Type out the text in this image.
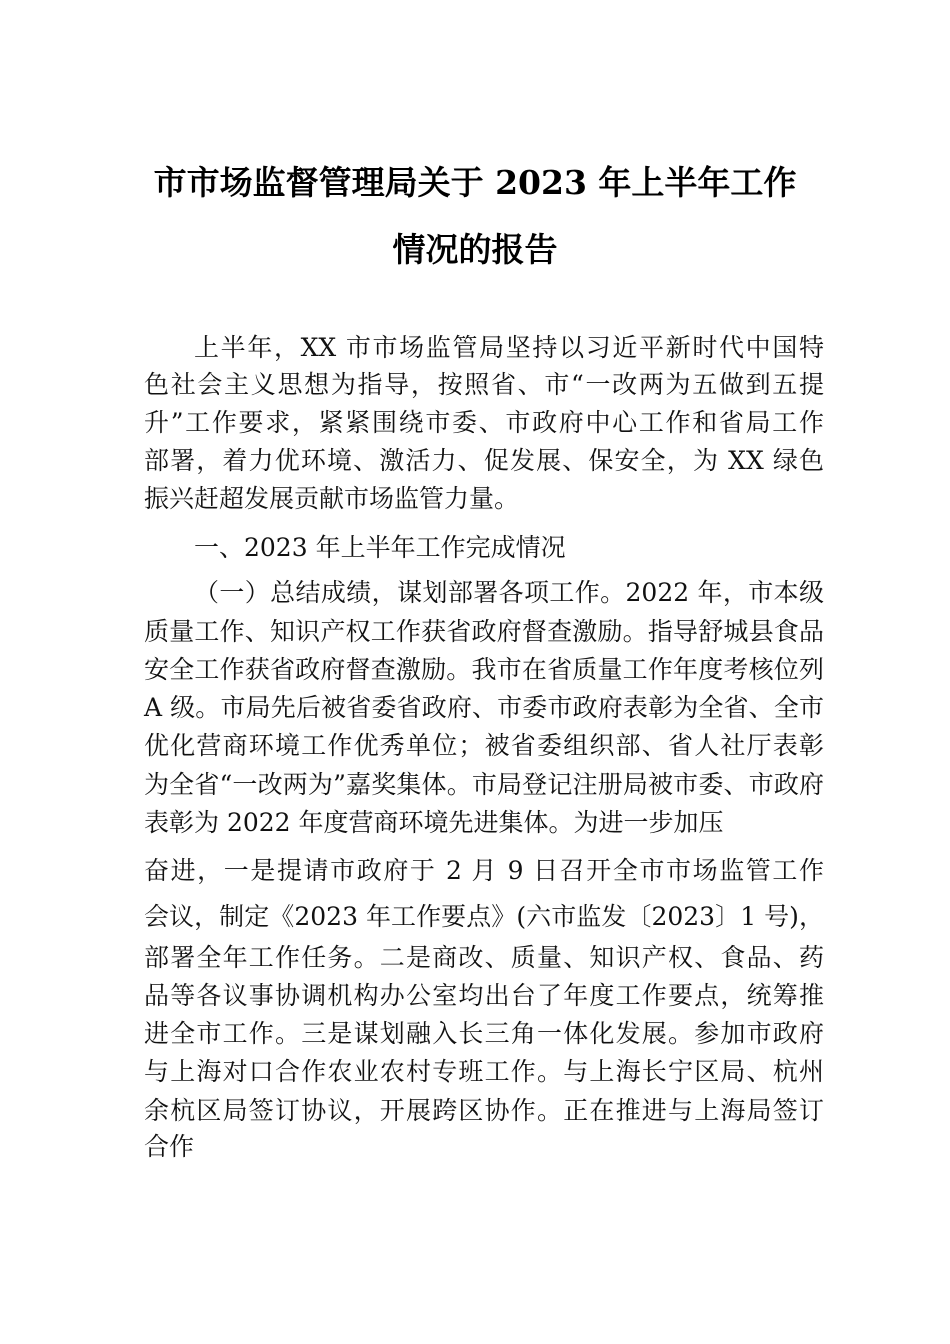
市市场监督管理局关于 2023 年上半年工作
情况的报告
上半年，XX 市市场监管局坚持以习近平新时代中国特
色社会主义思想为指导，按照省、市“一改两为五做到五提
升”工作要求，紧紧围绕市委、市政府中心工作和省局工作
部署，着力优环境、激活力、促发展、保安全，为 XX 绿色
振兴赶超发展贡献市场监管力量。
一、2023 年上半年工作完成情况
（一）总结成绩，谋划部署各项工作。2022 年，市本级
质量工作、知识产权工作获省政府督查激励。指导舒城县食品
安全工作获省政府督查激励。我市在省质量工作年度考核位列
A 级。市局先后被省委省政府、市委市政府表彰为全省、全市
优化营商环境工作优秀单位；被省委组织部、省人社厅表彰
为全省“一改两为”嘉奖集体。市局登记注册局被市委、市政府
表彰为 2022 年度营商环境先进集体。为进一步加压
奋进，一是提请市政府于 2 月 9 日召开全市市场监管工作
会议，制定《2023 年工作要点》(六市监发〔2023〕1 号)，
部署全年工作任务。二是商改、质量、知识产权、食品、药
品等各议事协调机构办公室均出台了年度工作要点，统筹推
进全市工作。三是谋划融入长三角一体化发展。参加市政府
与上海对口合作农业农村专班工作。与上海长宁区局、杭州
余杭区局签订协议，开展跨区协作。正在推进与上海局签订
合作
